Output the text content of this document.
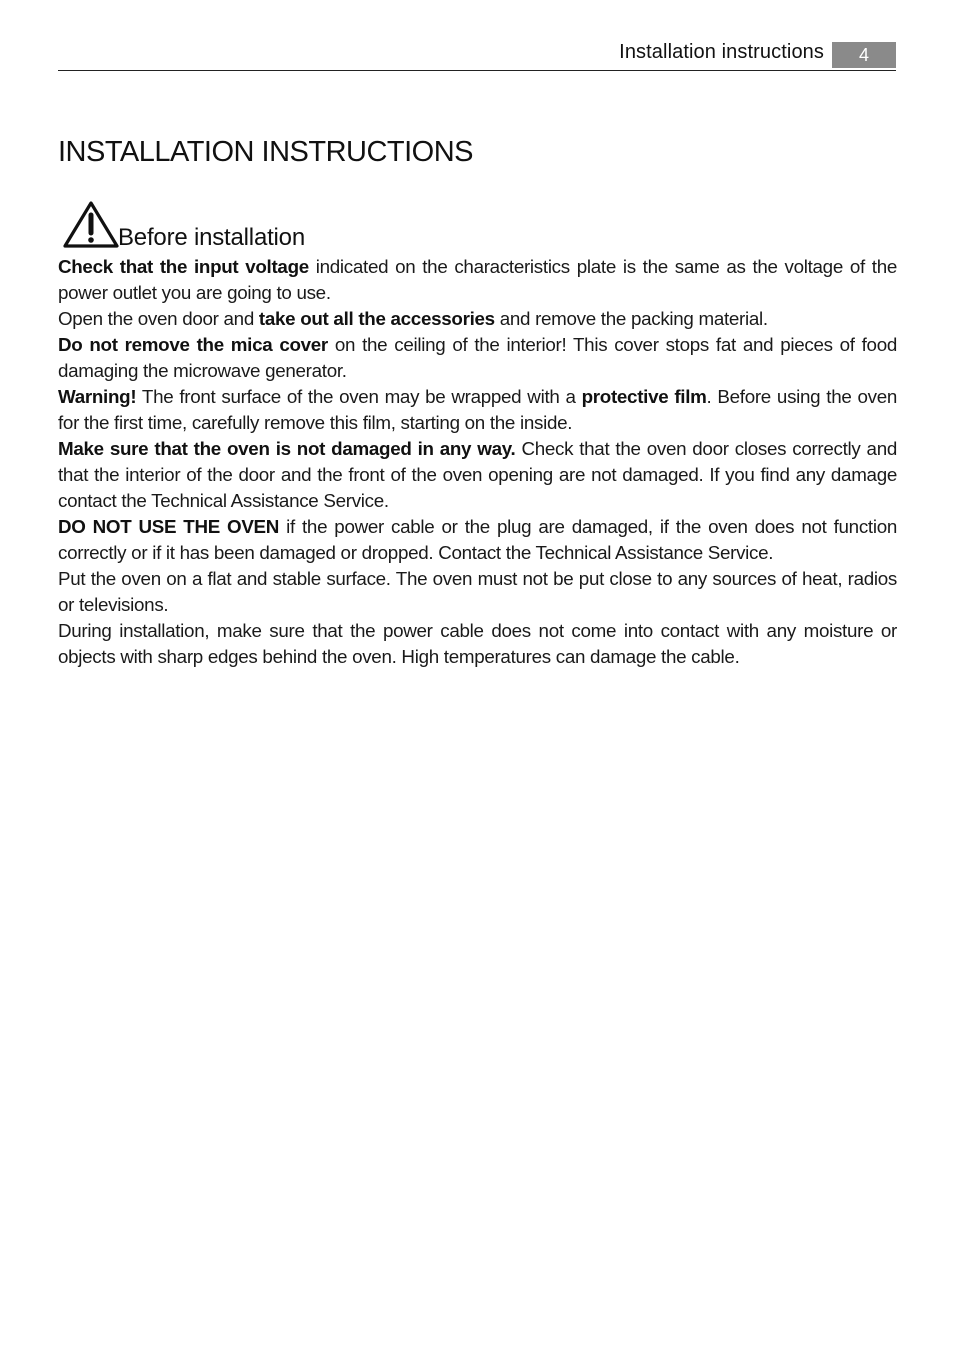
Installation instructions	4
INSTALLATION INSTRUCTIONS
Before installation

Check that the input voltage indicated on the characteristics plate is the same as the voltage of the power outlet you are going to use.

Open the oven door and take out all the accessories and remove the packing material.

Do not remove the mica cover on the ceiling of the interior! This cover stops fat and pieces of food damaging the microwave generator.

Warning! The front surface of the oven may be wrapped with a protective film. Before using the oven for the first time, carefully remove this film, starting on the inside.

Make sure that the oven is not damaged in any way. Check that the oven door closes correctly and that the interior of the door and the front of the oven opening are not damaged. If you find any damage contact the Technical Assistance Service.

DO NOT USE THE OVEN if the power cable or the plug are damaged, if the oven does not function correctly or if it has been damaged or dropped. Contact the Technical Assistance Service.

Put the oven on a flat and stable surface. The oven must not be put close to any sources of heat, radios or televisions.

During installation, make sure that the power cable does not come into contact with any moisture or objects with sharp edges behind the oven. High temperatures can damage the cable.
